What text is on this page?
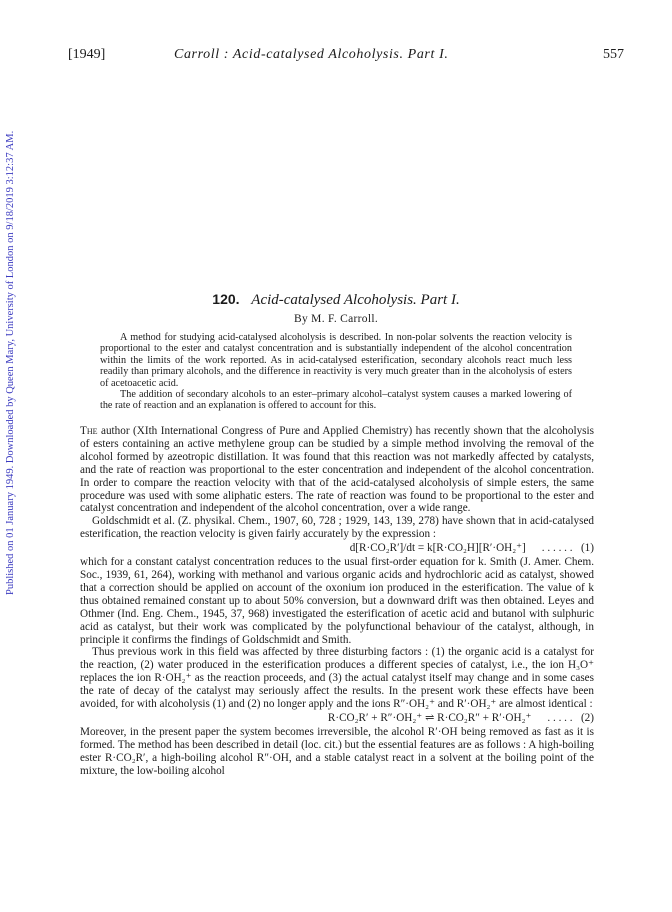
Published on 01 January 1949. Downloaded by Queen Mary, University of London on 9/18/2019 3:12:37 AM.
[1949]	Carroll : Acid-catalysed Alcoholysis. Part I.	557
120. Acid-catalysed Alcoholysis. Part I.
By M. F. Carroll.

A method for studying acid-catalysed alcoholysis is described. In non-polar solvents the reaction velocity is proportional to the ester and catalyst concentration and is substantially independent of the alcohol concentration within the limits of the work reported. As in acid-catalysed esterification, secondary alcohols react much less readily than primary alcohols, and the difference in reactivity is very much greater than in the alcoholysis of esters of acetoacetic acid.

The addition of secondary alcohols to an ester–primary alcohol–catalyst system causes a marked lowering of the rate of reaction and an explanation is offered to account for this.

The author (XIth International Congress of Pure and Applied Chemistry) has recently shown that the alcoholysis of esters containing an active methylene group can be studied by a simple method involving the removal of the alcohol formed by azeotropic distillation. It was found that this reaction was not markedly affected by catalysts, and the rate of reaction was proportional to the ester concentration and independent of the alcohol concentration. In order to compare the reaction velocity with that of the acid-catalysed alcoholysis of simple esters, the same procedure was used with some aliphatic esters. The rate of reaction was found to be proportional to the ester and catalyst concentration and independent of the alcohol concentration, over a wide range.

Goldschmidt et al. (Z. physikal. Chem., 1907, 60, 728 ; 1929, 143, 139, 278) have shown that in acid-catalysed esterification, the reaction velocity is given fairly accurately by the expression :

d[R·CO₂R′]/dt = k[R·CO₂H][R′·OH₂⁺] . . . . . . (1)

which for a constant catalyst concentration reduces to the usual first-order equation for k. Smith (J. Amer. Chem. Soc., 1939, 61, 264), working with methanol and various organic acids and hydrochloric acid as catalyst, showed that a correction should be applied on account of the oxonium ion produced in the esterification. The value of k thus obtained remained constant up to about 50% conversion, but a downward drift was then obtained. Leyes and Othmer (Ind. Eng. Chem., 1945, 37, 968) investigated the esterification of acetic acid and butanol with sulphuric acid as catalyst, but their work was complicated by the polyfunctional behaviour of the catalyst, although, in principle it confirms the findings of Goldschmidt and Smith.

Thus previous work in this field was affected by three disturbing factors : (1) the organic acid is a catalyst for the reaction, (2) water produced in the esterification produces a different species of catalyst, i.e., the ion H₃O⁺ replaces the ion R·OH₂⁺ as the reaction proceeds, and (3) the actual catalyst itself may change and in some cases the rate of decay of the catalyst may seriously affect the results. In the present work these effects have been avoided, for with alcoholysis (1) and (2) no longer apply and the ions R″·OH₂⁺ and R′·OH₂⁺ are almost identical :

R·CO₂R′ + R″·OH₂⁺ ⇌ R·CO₂R″ + R′·OH₂⁺ . . . . . (2)

Moreover, in the present paper the system becomes irreversible, the alcohol R′·OH being removed as fast as it is formed. The method has been described in detail (loc. cit.) but the essential features are as follows : A high-boiling ester R·CO₂R′, a high-boiling alcohol R″·OH, and a stable catalyst react in a solvent at the boiling point of the mixture, the low-boiling alcohol
